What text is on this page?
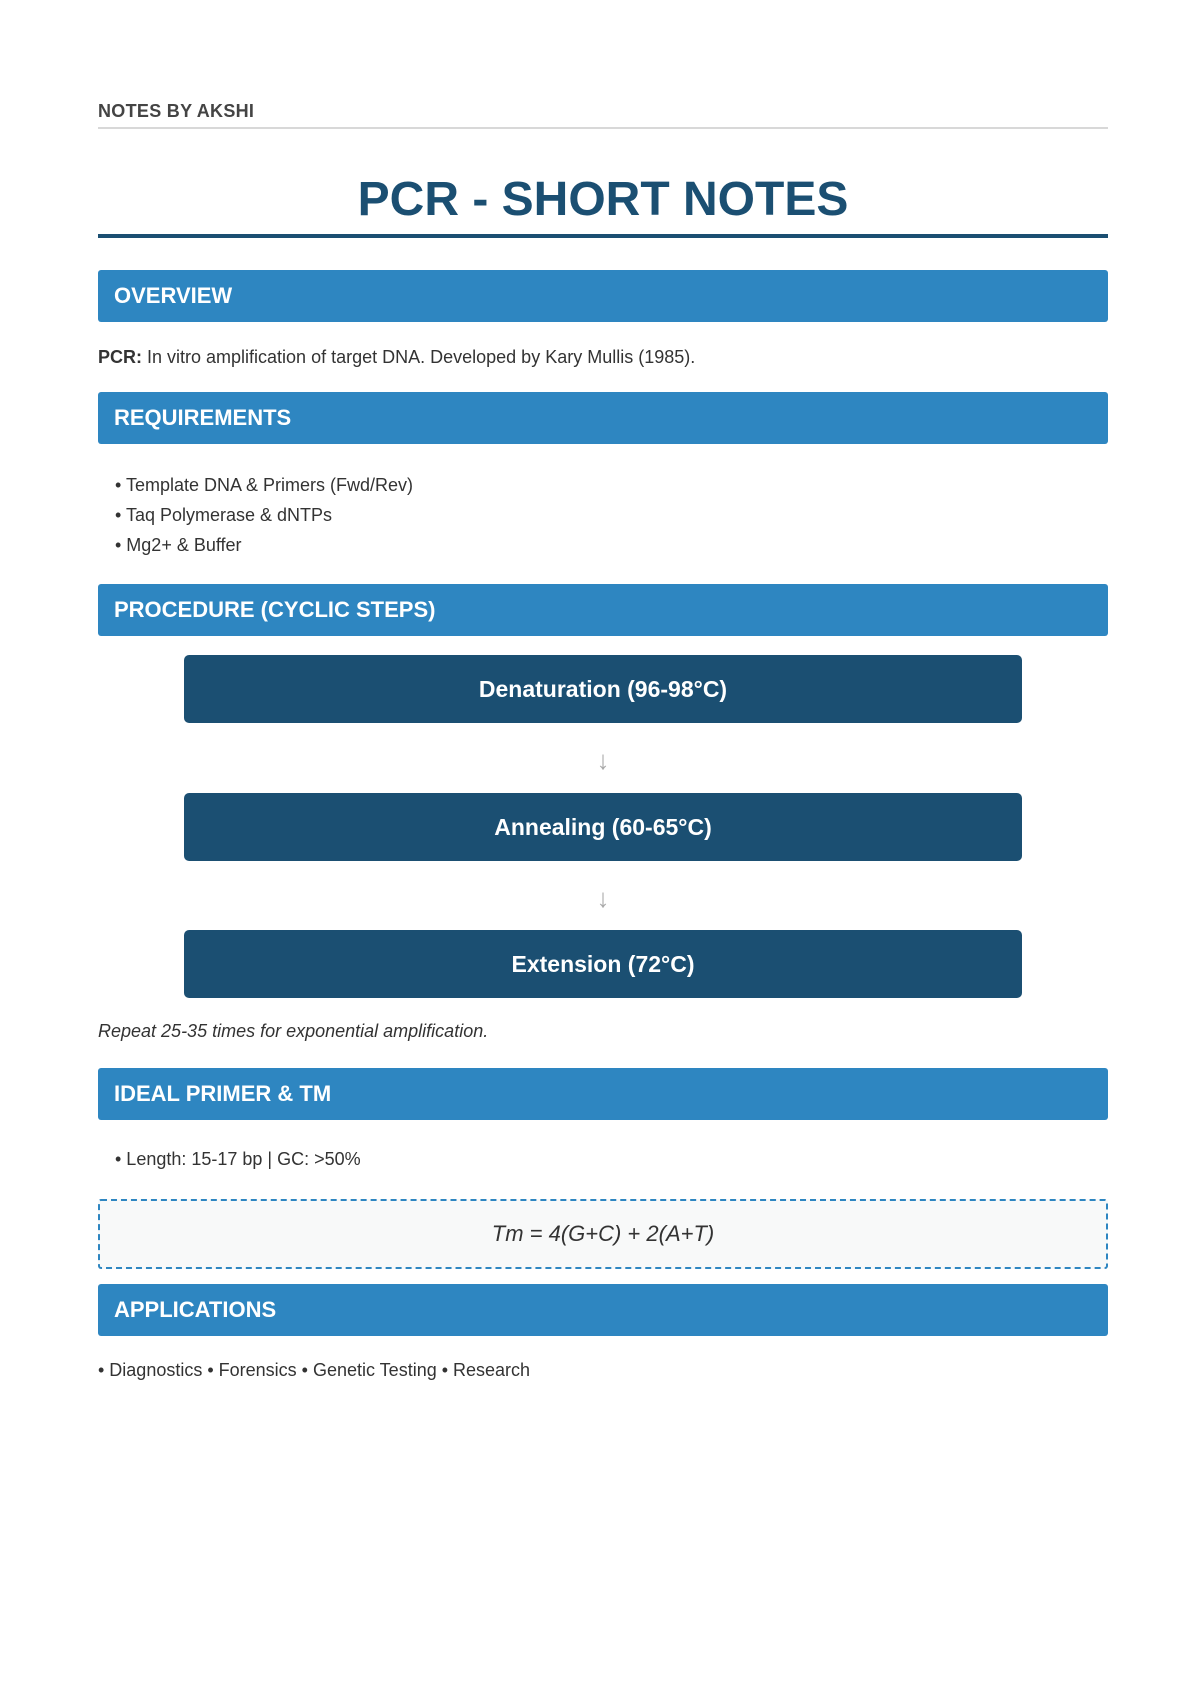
NOTES BY AKSHI
PCR - SHORT NOTES
OVERVIEW
PCR: In vitro amplification of target DNA. Developed by Kary Mullis (1985).
REQUIREMENTS
• Template DNA & Primers (Fwd/Rev)
• Taq Polymerase & dNTPs
• Mg2+ & Buffer
PROCEDURE (CYCLIC STEPS)
Denaturation (96-98°C)
↓
Annealing (60-65°C)
↓
Extension (72°C)
Repeat 25-35 times for exponential amplification.
IDEAL PRIMER & TM
• Length: 15-17 bp | GC: >50%
Tm = 4(G+C) + 2(A+T)
APPLICATIONS
• Diagnostics • Forensics • Genetic Testing • Research
